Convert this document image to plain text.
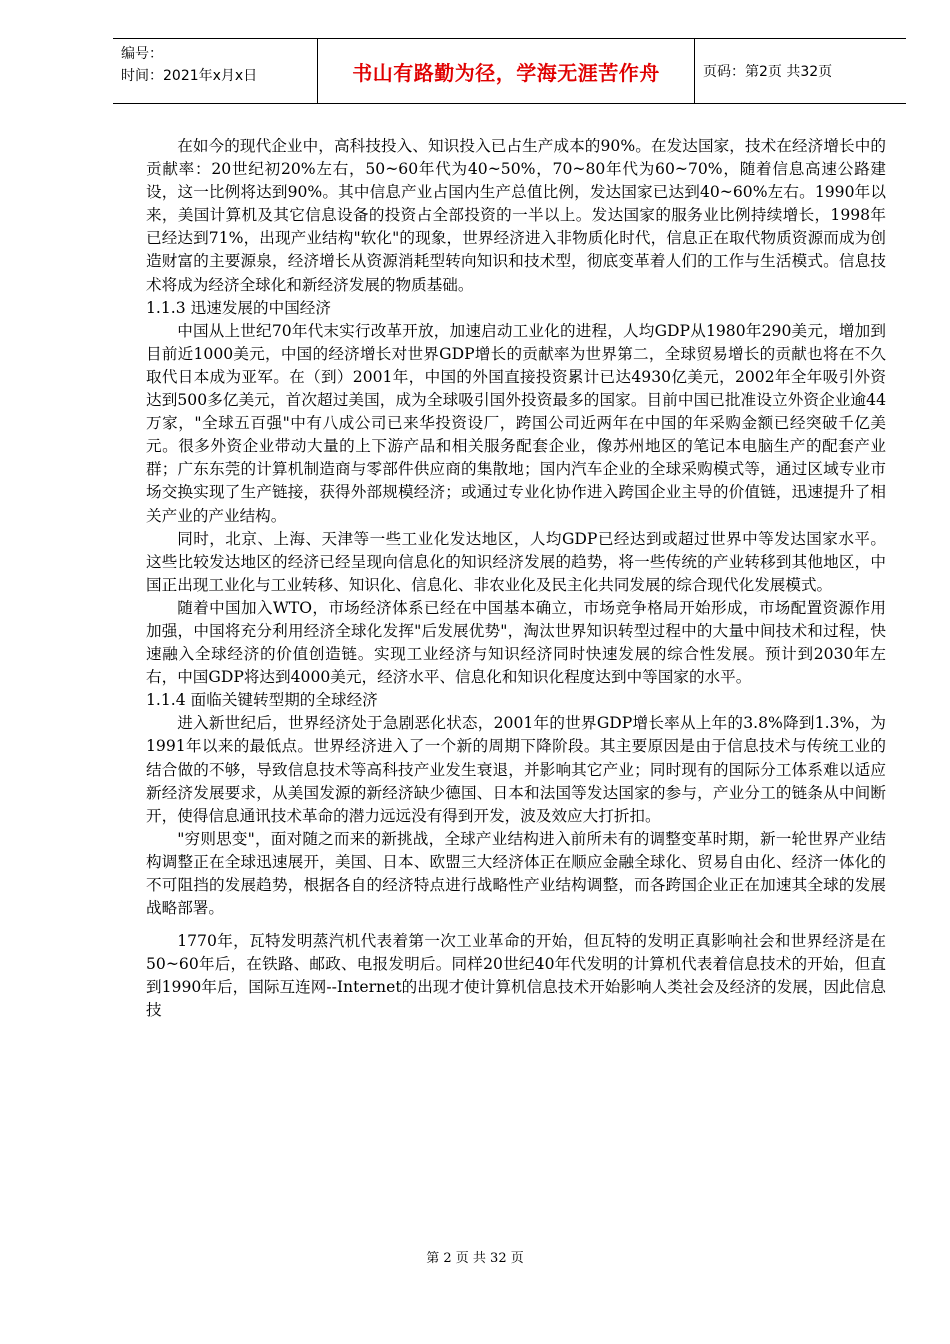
编号：
时间：2021年x月x日	书山有路勤为径，学海无涯苦作舟	页码：第2页 共32页

在如今的现代企业中，高科技投入、知识投入已占生产成本的90%。在发达国家，技术在经济增长中的贡献率：20世纪初20%左右，50~60年代为40~50%，70~80年代为60~70%，随着信息高速公路建设，这一比例将达到90%。其中信息产业占国内生产总值比例，发达国家已达到40~60%左右。1990年以来，美国计算机及其它信息设备的投资占全部投资的一半以上。发达国家的服务业比例持续增长，1998年已经达到71%，出现产业结构"软化"的现象，世界经济进入非物质化时代，信息正在取代物质资源而成为创造财富的主要源泉，经济增长从资源消耗型转向知识和技术型，彻底变革着人们的工作与生活模式。信息技术将成为经济全球化和新经济发展的物质基础。

1.1.3 迅速发展的中国经济

中国从上世纪70年代末实行改革开放，加速启动工业化的进程，人均GDP从1980年290美元，增加到目前近1000美元，中国的经济增长对世界GDP增长的贡献率为世界第二，全球贸易增长的贡献也将在不久取代日本成为亚军。在（到）2001年，中国的外国直接投资累计已达4930亿美元，2002年全年吸引外资达到500多亿美元，首次超过美国，成为全球吸引国外投资最多的国家。目前中国已批准设立外资企业逾44万家，"全球五百强"中有八成公司已来华投资设厂，跨国公司近两年在中国的年采购金额已经突破千亿美元。很多外资企业带动大量的上下游产品和相关服务配套企业，像苏州地区的笔记本电脑生产的配套产业群；广东东莞的计算机制造商与零部件供应商的集散地；国内汽车企业的全球采购模式等，通过区域专业市场交换实现了生产链接，获得外部规模经济；或通过专业化协作进入跨国企业主导的价值链，迅速提升了相关产业的产业结构。

同时，北京、上海、天津等一些工业化发达地区，人均GDP已经达到或超过世界中等发达国家水平。 这些比较发达地区的经济已经呈现向信息化的知识经济发展的趋势，将一些传统的产业转移到其他地区，中国正出现工业化与工业转移、知识化、信息化、非农业化及民主化共同发展的综合现代化发展模式。

随着中国加入WTO，市场经济体系已经在中国基本确立，市场竞争格局开始形成，市场配置资源作用加强，中国将充分利用经济全球化发挥"后发展优势"，淘汰世界知识转型过程中的大量中间技术和过程，快速融入全球经济的价值创造链。实现工业经济与知识经济同时快速发展的综合性发展。预计到2030年左右，中国GDP将达到4000美元，经济水平、信息化和知识化程度达到中等国家的水平。

1.1.4 面临关键转型期的全球经济

进入新世纪后，世界经济处于急剧恶化状态，2001年的世界GDP增长率从上年的3.8%降到1.3%，为1991年以来的最低点。世界经济进入了一个新的周期下降阶段。其主要原因是由于信息技术与传统工业的结合做的不够，导致信息技术等高科技产业发生衰退，并影响其它产业；同时现有的国际分工体系难以适应新经济发展要求，从美国发源的新经济缺少德国、日本和法国等发达国家的参与，产业分工的链条从中间断开，使得信息通讯技术革命的潜力远远没有得到开发，波及效应大打折扣。

"穷则思变"，面对随之而来的新挑战，全球产业结构进入前所未有的调整变革时期，新一轮世界产业结构调整正在全球迅速展开，美国、日本、欧盟三大经济体正在顺应金融全球化、贸易自由化、经济一体化的不可阻挡的发展趋势，根据各自的经济特点进行战略性产业结构调整，而各跨国企业正在加速其全球的发展战略部署。

1770年，瓦特发明蒸汽机代表着第一次工业革命的开始，但瓦特的发明正真影响社会和世界经济是在50~60年后，在铁路、邮政、电报发明后。同样20世纪40年代发明的计算机代表着信息技术的开始，但直到1990年后，国际互连网--Internet的出现才使计算机信息技术开始影响人类社会及经济的发展，因此信息技

第 2 页 共 32 页
